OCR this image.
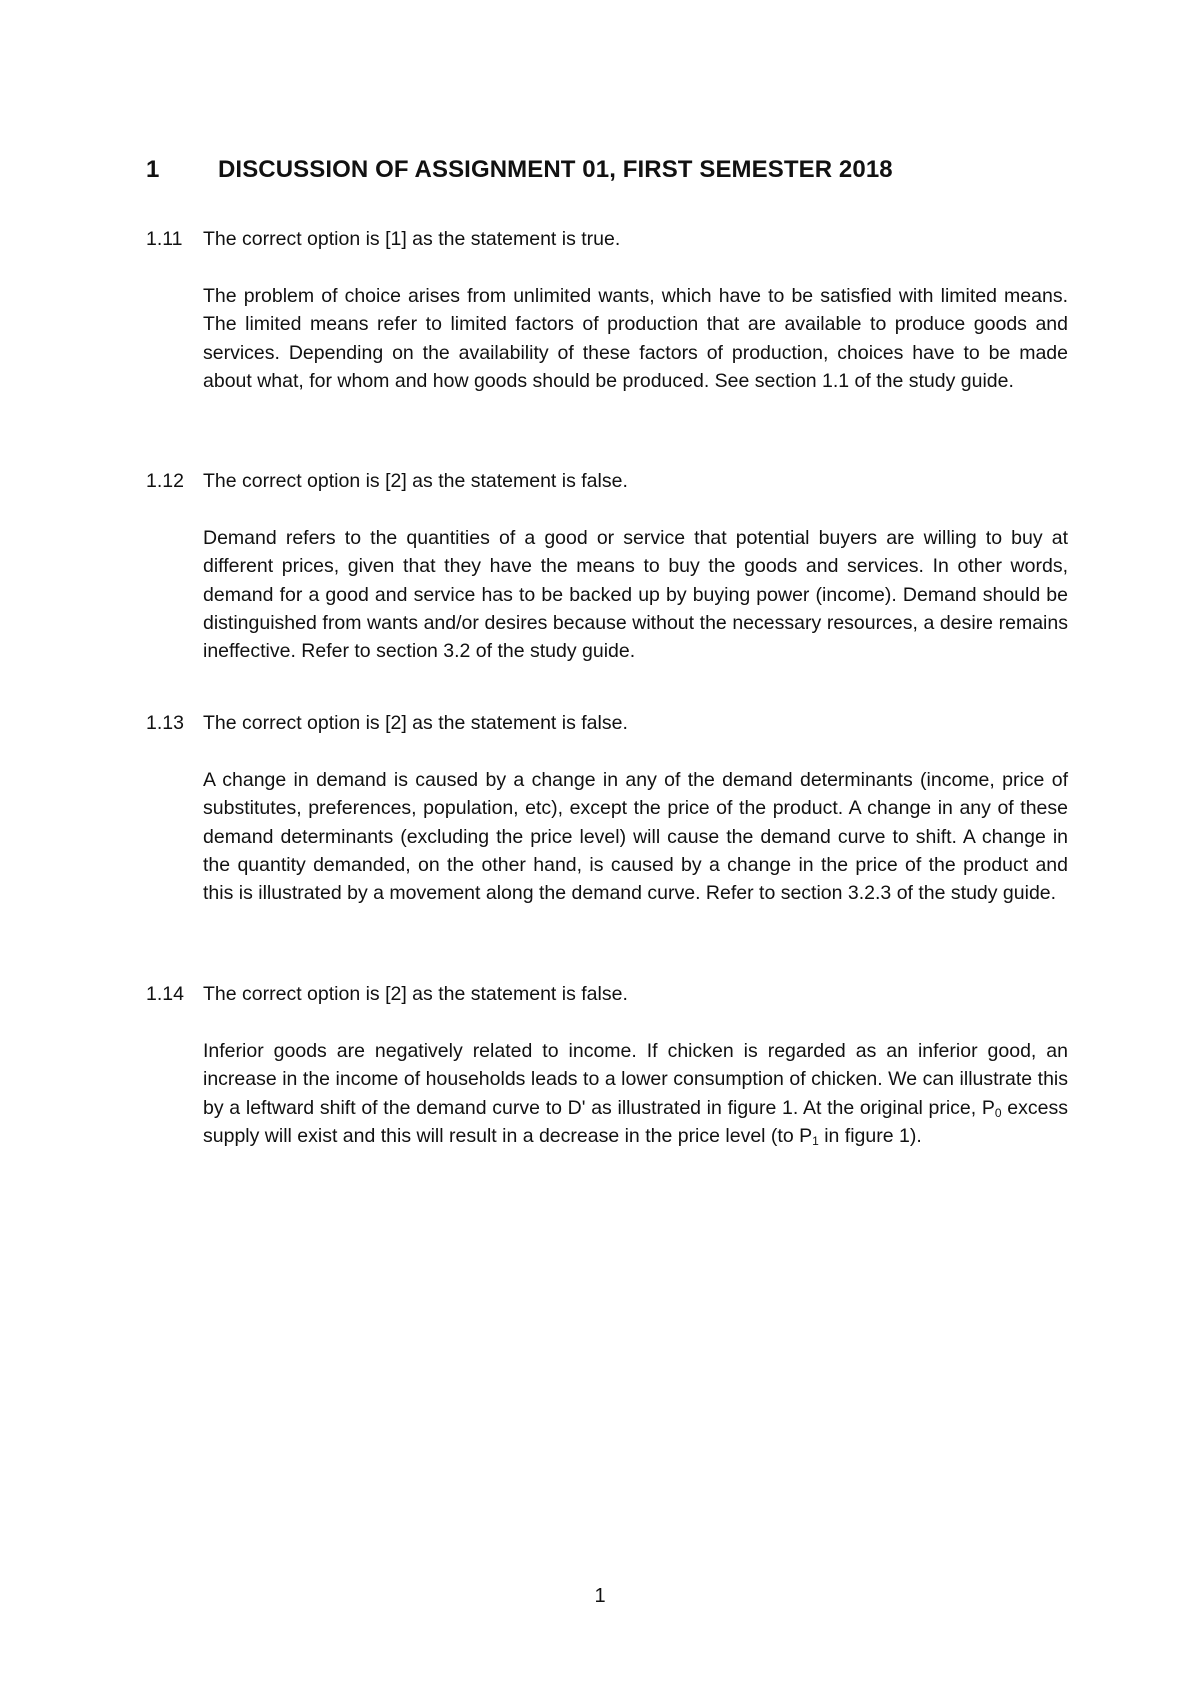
1 DISCUSSION OF ASSIGNMENT 01, FIRST SEMESTER 2018
1.11 The correct option is [1] as the statement is true.
The problem of choice arises from unlimited wants, which have to be satisfied with limited means. The limited means refer to limited factors of production that are available to produce goods and services. Depending on the availability of these factors of production, choices have to be made about what, for whom and how goods should be produced. See section 1.1 of the study guide.
1.12 The correct option is [2] as the statement is false.
Demand refers to the quantities of a good or service that potential buyers are willing to buy at different prices, given that they have the means to buy the goods and services. In other words, demand for a good and service has to be backed up by buying power (income). Demand should be distinguished from wants and/or desires because without the necessary resources, a desire remains ineffective. Refer to section 3.2 of the study guide.
1.13 The correct option is [2] as the statement is false.
A change in demand is caused by a change in any of the demand determinants (income, price of substitutes, preferences, population, etc), except the price of the product. A change in any of these demand determinants (excluding the price level) will cause the demand curve to shift. A change in the quantity demanded, on the other hand, is caused by a change in the price of the product and this is illustrated by a movement along the demand curve. Refer to section 3.2.3 of the study guide.
1.14 The correct option is [2] as the statement is false.
Inferior goods are negatively related to income. If chicken is regarded as an inferior good, an increase in the income of households leads to a lower consumption of chicken. We can illustrate this by a leftward shift of the demand curve to D' as illustrated in figure 1. At the original price, $P_0$ excess supply will exist and this will result in a decrease in the price level (to $P_1$ in figure 1).
1
